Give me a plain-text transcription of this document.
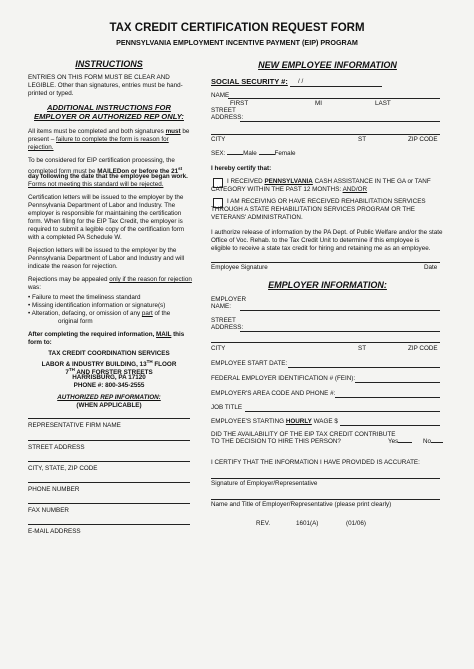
TAX CREDIT CERTIFICATION REQUEST FORM
PENNSYLVANIA EMPLOYMENT INCENTIVE PAYMENT (EIP) PROGRAM
INSTRUCTIONS
ENTRIES ON THIS FORM MUST BE CLEAR AND
LEGIBLE. Other than signatures, entries must be hand-
printed or typed.
ADDITIONAL INSTRUCTIONS FOR
EMPLOYER OR AUTHORIZED REP ONLY:
All items must be completed and both signatures must be
present – failure to complete the form is reason for
rejection.
To be considered for EIP certification processing, the
completed form must be MAILEDon or before the 21st
day following the date that the employee began work.
Forms not meeting this standard will be rejected.
Certification letters will be issued to the employer by the
Pennsylvania Department of Labor and Industry. The
employer is responsible for maintaining the certification
form. When filing for the EIP Tax Credit, the employer is
required to submit a legible copy of the certification form
with a completed PA Schedule W.
Rejection letters will be issued to the employer by the
Pennsylvania Department of Labor and Industry and will
indicate the reason for rejection.
Rejections may be appealed only if the reason for rejection
was:
• Failure to meet the timeliness standard
• Missing identification information or signature(s)
• Alteration, defacing, or omission of any part of the
original form
After completing the required information, MAIL this
form to:
TAX CREDIT COORDINATION SERVICES
LABOR & INDUSTRY BUILDING, 13TH FLOOR
7TH AND FORSTER STREETS
HARRISBURG, PA 17120
PHONE #: 800-345-2555
AUTHORIZED REP INFORMATION:
(WHEN APPLICABLE)
REPRESENTATIVE FIRM NAME
STREET ADDRESS
CITY, STATE, ZIP CODE
PHONE NUMBER
FAX NUMBER
E-MAIL ADDRESS
NEW EMPLOYEE INFORMATION
SOCIAL SECURITY #: / /
NAME
FIRST	MI	LAST
STREET
ADDRESS:
CITY	ST	ZIP CODE
SEX:	Male	Female
I hereby certify that:
I RECEIVED PENNSYLVANIA CASH ASSISTANCE IN THE GA or TANF
CATEGORY WITHIN THE PAST 12 MONTHS: AND/OR
I AM RECEIVING OR HAVE RECEIVED REHABILITATION SERVICES
THROUGH A STATE REHABILITATION SERVICES PROGRAM OR THE
VETERANS' ADMINISTRATION.
I authorize release of information by the PA Dept. of Public Welfare and/or the state
Office of Voc. Rehab. to the Tax Credit Unit to determine if this employee is
eligible to receive a state tax credit for hiring and retaining me as an employee.
Employee Signature	Date
EMPLOYER INFORMATION:
EMPLOYER
NAME:
STREET
ADDRESS:
CITY	ST	ZIP CODE
EMPLOYEE START DATE:
FEDERAL EMPLOYER IDENTIFICATION # (FEIN):
EMPLOYER'S AREA CODE AND PHONE #:
JOB TITLE
EMPLOYEE'S STARTING HOURLY WAGE $
DID THE AVAILABILITY OF THE EIP TAX CREDIT CONTRIBUTE
TO THE DECISION TO HIRE THIS PERSON?	Yes	No
I CERTIFY THAT THE INFORMATION I HAVE PROVIDED IS ACCURATE:
Signature of Employer/Representative
Name and Title of Employer/Representative (please print clearly)
REV.	1601(A)	(01/06)
